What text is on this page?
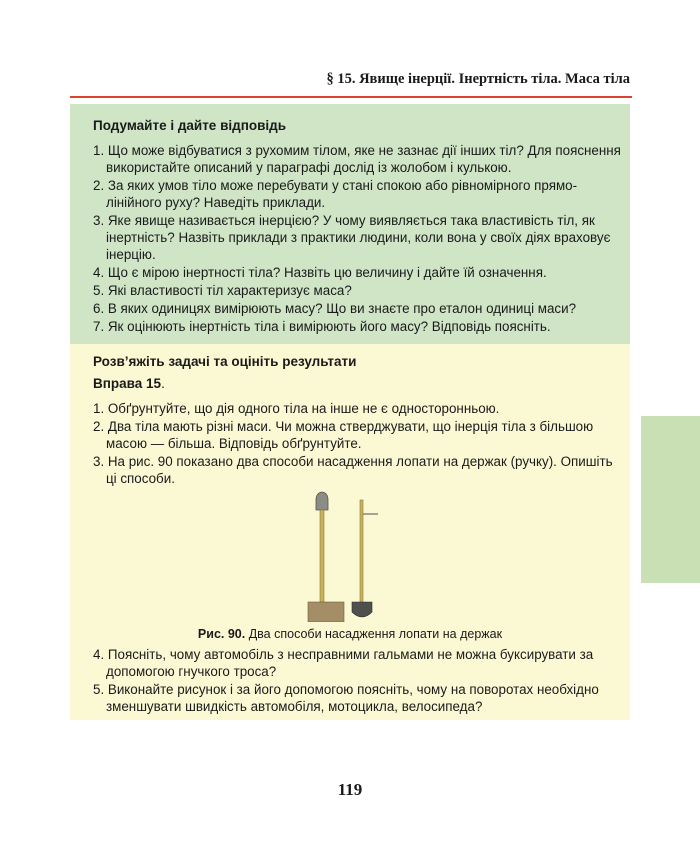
§ 15. Явище інерції. Інертність тіла. Маса тіла
Подумайте і дайте відповідь
1. Що може відбуватися з рухомим тілом, яке не зазнає дії інших тіл? Для пояснення використайте описаний у параграфі дослід із жолобом і кулькою.
2. За яких умов тіло може перебувати у стані спокою або рівномірного прямолінійного руху? Наведіть приклади.
3. Яке явище називається інерцією? У чому виявляється така властивість тіл, як інертність? Назвіть приклади з практики людини, коли вона у своїх діях враховує інерцію.
4. Що є мірою інертності тіла? Назвіть цю величину і дайте їй означення.
5. Які властивості тіл характеризує маса?
6. В яких одиницях вимірюють масу? Що ви знаєте про еталон одиниці маси?
7. Як оцінюють інертність тіла і вимірюють його масу? Відповідь поясніть.
Розв’яжіть задачі та оцініть результати
Вправа 15.
1. Обґрунтуйте, що дія одного тіла на інше не є односторонньою.
2. Два тіла мають різні маси. Чи можна стверджувати, що інерція тіла з більшою масою — більша. Відповідь обґрунтуйте.
3. На рис. 90 показано два способи насадження лопати на держак (ручку). Опишіть ці способи.
Рис. 90. Два способи насадження лопати на держак
4. Поясніть, чому автомобіль з несправними гальмами не можна буксирувати за допомогою гнучкого троса?
5. Виконайте рисунок і за його допомогою поясніть, чому на поворотах необхідно зменшувати швидкість автомобіля, мотоцикла, велосипеда?
119
